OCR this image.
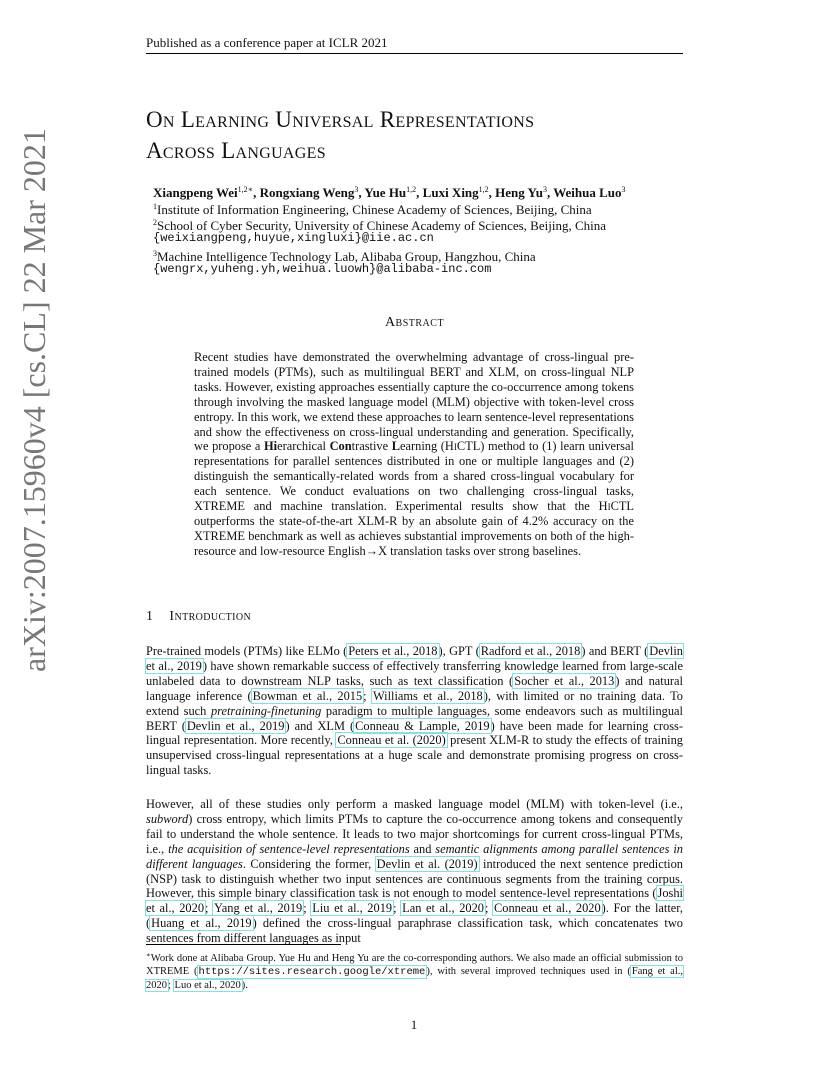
Published as a conference paper at ICLR 2021
arXiv:2007.15960v4 [cs.CL] 22 Mar 2021
On Learning Universal Representations
Across Languages
Xiangpeng Wei$^{1,2∗}$, Rongxiang Weng$^3$, Yue Hu$^{1,2}$, Luxi Xing$^{1,2}$, Heng Yu$^3$, Weihua Luo$^3$
$^1$Institute of Information Engineering, Chinese Academy of Sciences, Beijing, China
$^2$School of Cyber Security, University of Chinese Academy of Sciences, Beijing, China
{weixiangpeng,huyue,xingluxi}@iie.ac.cn
$^3$Machine Intelligence Technology Lab, Alibaba Group, Hangzhou, China
{wengrx,yuheng.yh,weihua.luowh}@alibaba-inc.com
Abstract
Recent studies have demonstrated the overwhelming advantage of cross-lingual pre-trained models (PTMs), such as multilingual BERT and XLM, on cross-lingual NLP tasks. However, existing approaches essentially capture the co-occurrence among tokens through involving the masked language model (MLM) objective with token-level cross entropy. In this work, we extend these approaches to learn sentence-level representations and show the effectiveness on cross-lingual understanding and generation. Specifically, we propose a Hierarchical Contrastive Learning (HiCTL) method to (1) learn universal representations for parallel sentences distributed in one or multiple languages and (2) distinguish the semantically-related words from a shared cross-lingual vocabulary for each sentence. We conduct evaluations on two challenging cross-lingual tasks, XTREME and machine translation. Experimental results show that the HiCTL outperforms the state-of-the-art XLM-R by an absolute gain of 4.2% accuracy on the XTREME benchmark as well as achieves substantial improvements on both of the high-resource and low-resource English→X translation tasks over strong baselines.
1 Introduction
Pre-trained models (PTMs) like ELMo (Peters et al., 2018), GPT (Radford et al., 2018) and BERT (Devlin et al., 2019) have shown remarkable success of effectively transferring knowledge learned from large-scale unlabeled data to downstream NLP tasks, such as text classification (Socher et al., 2013) and natural language inference (Bowman et al., 2015; Williams et al., 2018), with limited or no training data. To extend such pretraining-finetuning paradigm to multiple languages, some endeavors such as multilingual BERT (Devlin et al., 2019) and XLM (Conneau & Lample, 2019) have been made for learning cross-lingual representation. More recently, Conneau et al. (2020) present XLM-R to study the effects of training unsupervised cross-lingual representations at a huge scale and demonstrate promising progress on cross-lingual tasks.
However, all of these studies only perform a masked language model (MLM) with token-level (i.e., subword) cross entropy, which limits PTMs to capture the co-occurrence among tokens and consequently fail to understand the whole sentence. It leads to two major shortcomings for current cross-lingual PTMs, i.e., the acquisition of sentence-level representations and semantic alignments among parallel sentences in different languages. Considering the former, Devlin et al. (2019) introduced the next sentence prediction (NSP) task to distinguish whether two input sentences are continuous segments from the training corpus. However, this simple binary classification task is not enough to model sentence-level representations (Joshi et al., 2020; Yang et al., 2019; Liu et al., 2019; Lan et al., 2020; Conneau et al., 2020). For the latter, (Huang et al., 2019) defined the cross-lingual paraphrase classification task, which concatenates two sentences from different languages as input
∗Work done at Alibaba Group. Yue Hu and Heng Yu are the co-corresponding authors. We also made an official submission to XTREME (https://sites.research.google/xtreme), with several improved techniques used in (Fang et al., 2020; Luo et al., 2020).
1
